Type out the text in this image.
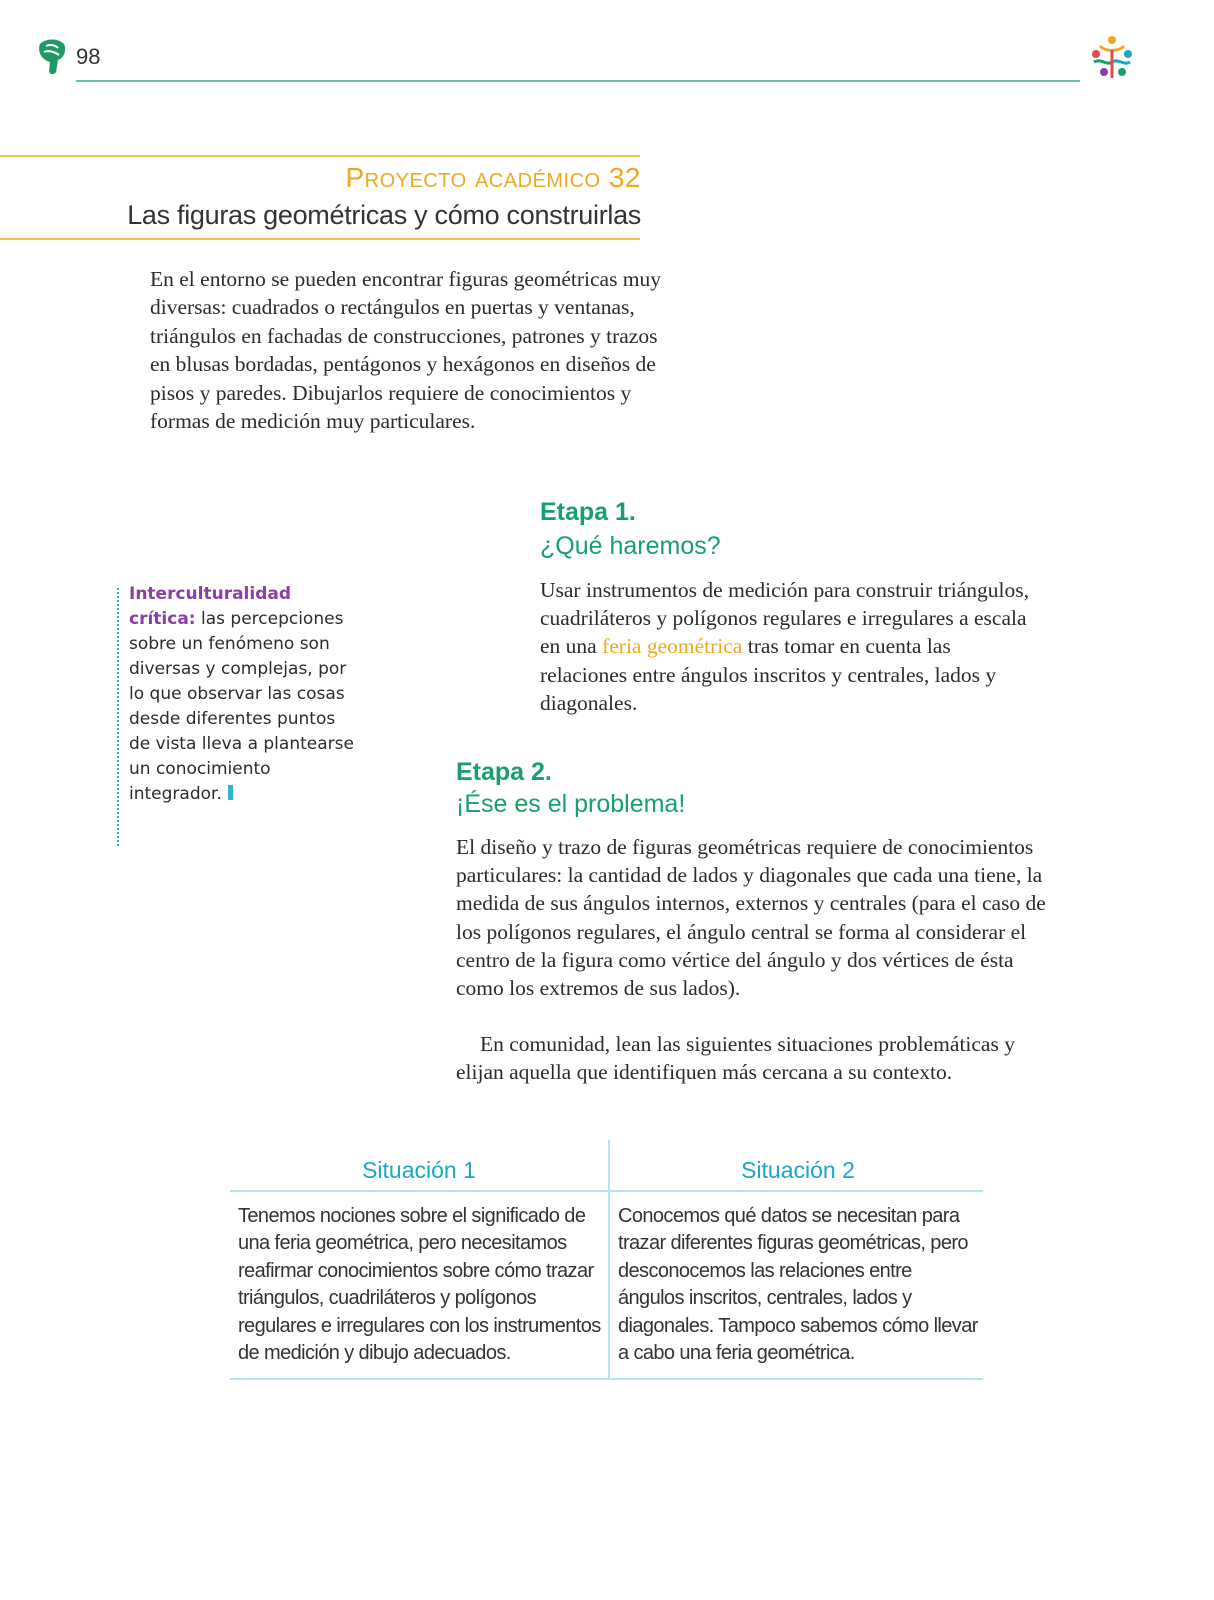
98
Proyecto académico 32
Las figuras geométricas y cómo construirlas

En el entorno se pueden encontrar figuras geométricas muy diversas: cuadrados o rectángulos en puertas y ventanas, triángulos en fachadas de construcciones, patrones y trazos en blusas bordadas, pentágonos y hexágonos en diseños de pisos y paredes. Dibujarlos requiere de conocimientos y formas de medición muy particulares.

Etapa 1.
¿Qué haremos?

Usar instrumentos de medición para construir triángulos, cuadriláteros y polígonos regulares e irregulares a escala en una feria geométrica tras tomar en cuenta las relaciones entre ángulos inscritos y centrales, lados y diagonales.

Interculturalidad crítica: las percepciones sobre un fenómeno son diversas y complejas, por lo que observar las cosas desde diferentes puntos de vista lleva a plantearse un conocimiento integrador.
Etapa 2.
¡Ése es el problema!

El diseño y trazo de figuras geométricas requiere de conocimientos particulares: la cantidad de lados y diagonales que cada una tiene, la medida de sus ángulos internos, externos y centrales (para el caso de los polígonos regulares, el ángulo central se forma al considerar el centro de la figura como vértice del ángulo y dos vértices de ésta como los extremos de sus lados).

En comunidad, lean las siguientes situaciones problemáticas y elijan aquella que identifiquen más cercana a su contexto.

Situación 1	Situación 2

Tenemos nociones sobre el significado de una feria geométrica, pero necesitamos reafirmar conocimientos sobre cómo trazar triángulos, cuadriláteros y polígonos regulares e irregulares con los instrumentos de medición y dibujo adecuados.

Conocemos qué datos se necesitan para trazar diferentes figuras geométricas, pero desconocemos las relaciones entre ángulos inscritos, centrales, lados y diagonales. Tampoco sabemos cómo llevar a cabo una feria geométrica.
